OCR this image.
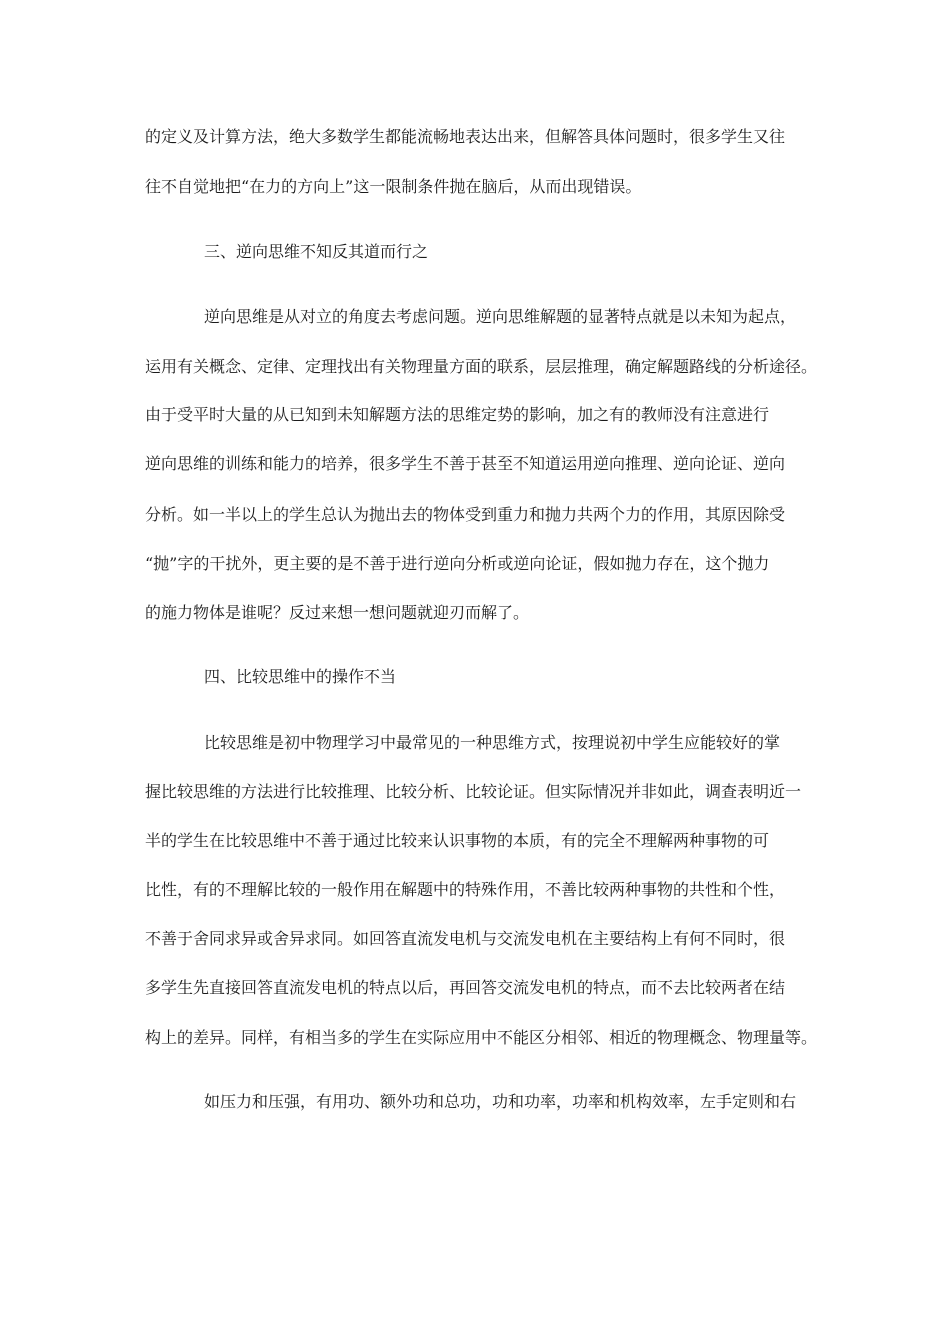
的定义及计算方法，绝大多数学生都能流畅地表达出来，但解答具体问题时，很多学生又往
往不自觉地把“在力的方向上”这一限制条件抛在脑后，从而出现错误。
三、逆向思维不知反其道而行之
逆向思维是从对立的角度去考虑问题。逆向思维解题的显著特点就是以未知为起点，
运用有关概念、定律、定理找出有关物理量方面的联系，层层推理，确定解题路线的分析途径。
由于受平时大量的从已知到未知解题方法的思维定势的影响，加之有的教师没有注意进行
逆向思维的训练和能力的培养，很多学生不善于甚至不知道运用逆向推理、逆向论证、逆向
分析。如一半以上的学生总认为抛出去的物体受到重力和抛力共两个力的作用，其原因除受
“抛”字的干扰外，更主要的是不善于进行逆向分析或逆向论证，假如抛力存在，这个抛力
的施力物体是谁呢？反过来想一想问题就迎刃而解了。
四、比较思维中的操作不当
比较思维是初中物理学习中最常见的一种思维方式，按理说初中学生应能较好的掌
握比较思维的方法进行比较推理、比较分析、比较论证。但实际情况并非如此，调查表明近一
半的学生在比较思维中不善于通过比较来认识事物的本质，有的完全不理解两种事物的可
比性，有的不理解比较的一般作用在解题中的特殊作用，不善比较两种事物的共性和个性，
不善于舍同求异或舍异求同。如回答直流发电机与交流发电机在主要结构上有何不同时，很
多学生先直接回答直流发电机的特点以后，再回答交流发电机的特点，而不去比较两者在结
构上的差异。同样，有相当多的学生在实际应用中不能区分相邻、相近的物理概念、物理量等。
如压力和压强，有用功、额外功和总功，功和功率，功率和机构效率，左手定则和右
